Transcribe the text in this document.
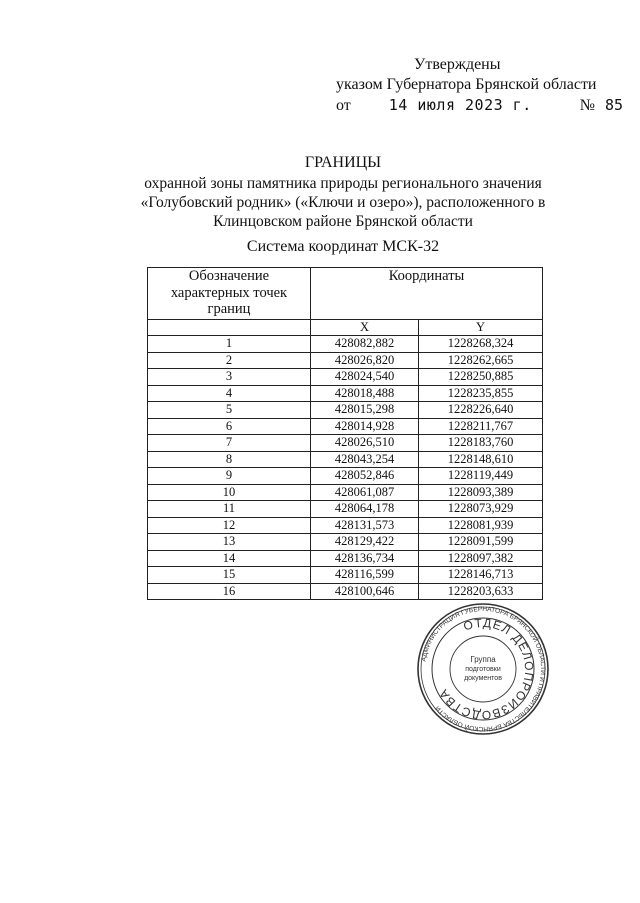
Утверждены
указом Губернатора Брянской области
от	14 июля 2023 г.	№ 85
ГРАНИЦЫ
охранной зоны памятника природы регионального значения «Голубовский родник» («Ключи и озеро»), расположенного в Клинцовском районе Брянской области
Система координат МСК-32
Обозначение характерных точек границ	Координаты	
	X	Y
1	428082,882	1228268,324
2	428026,820	1228262,665
3	428024,540	1228250,885
4	428018,488	1228235,855
5	428015,298	1228226,640
6	428014,928	1228211,767
7	428026,510	1228183,760
8	428043,254	1228148,610
9	428052,846	1228119,449
10	428061,087	1228093,389
11	428064,178	1228073,929
12	428131,573	1228081,939
13	428129,422	1228091,599
14	428136,734	1228097,382
15	428116,599	1228146,713
16	428100,646	1228203,633
АДМИНИСТРАЦИЯ ГУБЕРНАТОРА БРЯНСКОЙ ОБЛАСТИ И ПРАВИТЕЛЬСТВА БРЯНСКОЙ ОБЛАСТИ
ОТДЕЛ ДЕЛОПРОИЗВОДСТВА
Группа
подготовки
документов
